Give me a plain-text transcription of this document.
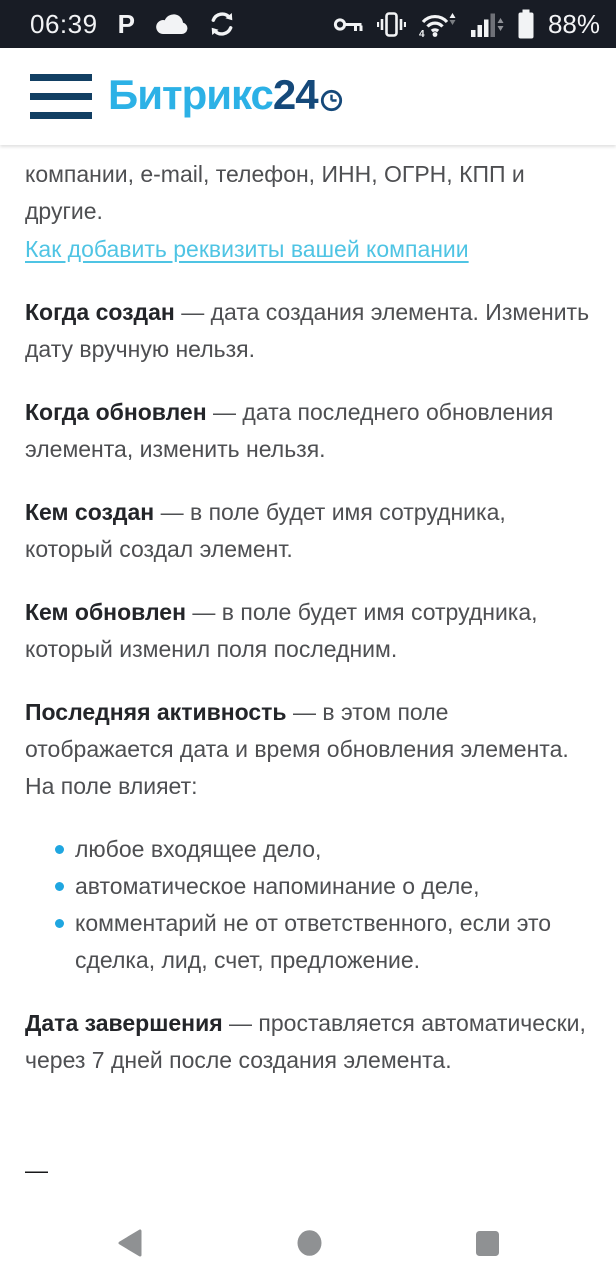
06:39 P	4	88%
Битрикс 24

компании, e-mail, телефон, ИНН, ОГРН, КПП и другие.

Как добавить реквизиты вашей компании

Когда создан — дата создания элемента. Изменить дату вручную нельзя.

Когда обновлен — дата последнего обновления элемента, изменить нельзя.

Кем создан — в поле будет имя сотрудника, который создал элемент.

Кем обновлен — в поле будет имя сотрудника, который изменил поля последним.

Последняя активность — в этом поле отображается дата и время обновления элемента. На поле влияет:

любое входящее дело,
автоматическое напоминание о деле,
комментарий не от ответственного, если это сделка, лид, счет, предложение.

Дата завершения — проставляется автоматически, через 7 дней после создания элемента.

—
